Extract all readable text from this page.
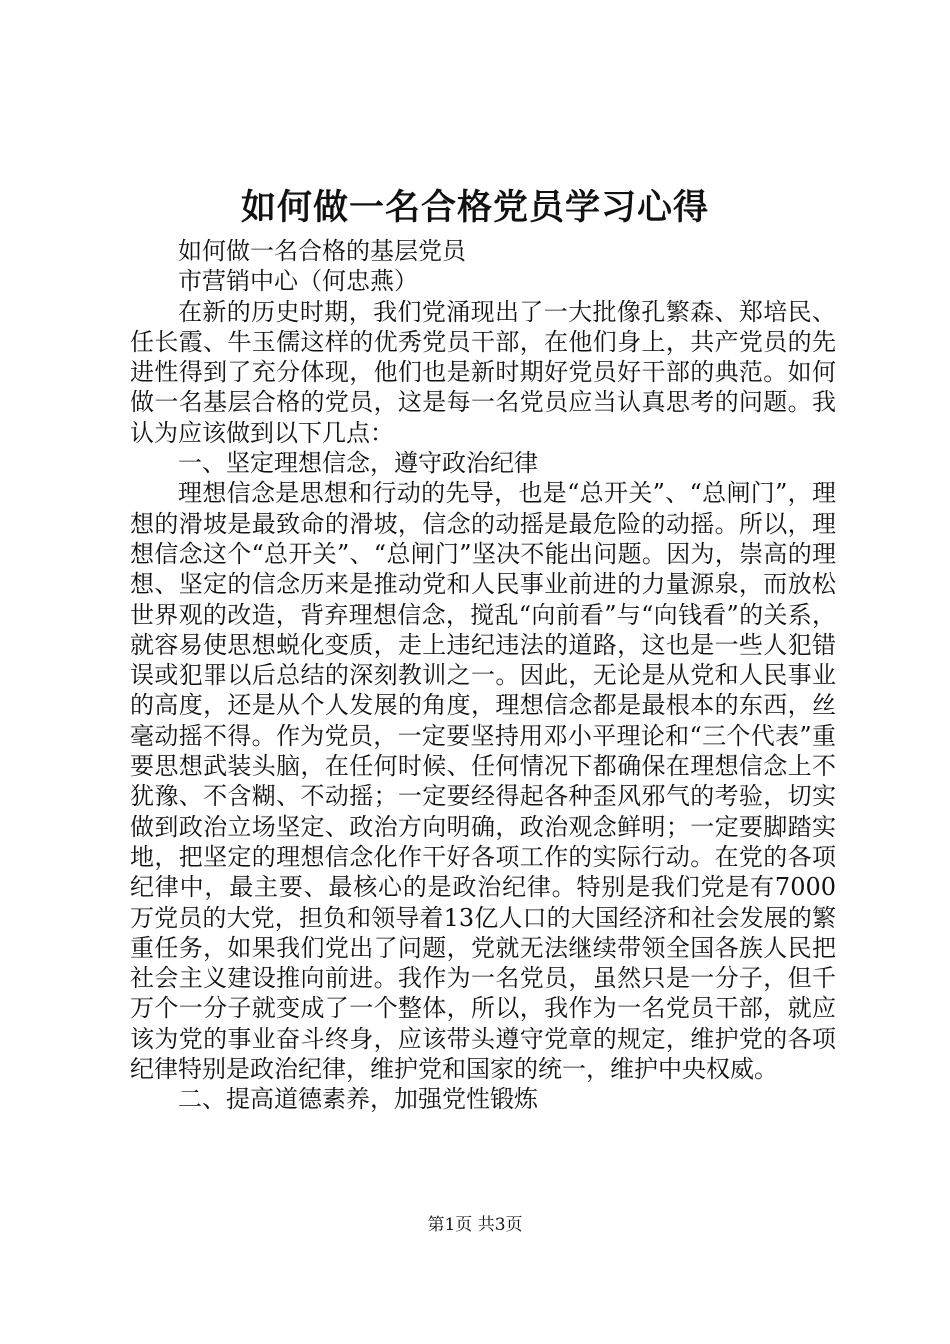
如何做一名合格党员学习心得

如何做一名合格的基层党员

市营销中心（何忠燕）

在新的历史时期，我们党涌现出了一大批像孔繁森、郑培民、任长霞、牛玉儒这样的优秀党员干部，在他们身上，共产党员的先进性得到了充分体现，他们也是新时期好党员好干部的典范。如何做一名基层合格的党员，这是每一名党员应当认真思考的问题。我认为应该做到以下几点：

一、坚定理想信念，遵守政治纪律

理想信念是思想和行动的先导，也是“总开关”、“总闸门”，理想的滑坡是最致命的滑坡，信念的动摇是最危险的动摇。所以，理想信念这个“总开关”、“总闸门”坚决不能出问题。因为，崇高的理想、坚定的信念历来是推动党和人民事业前进的力量源泉，而放松世界观的改造，背弃理想信念，搅乱“向前看”与“向钱看”的关系，就容易使思想蜕化变质，走上违纪违法的道路，这也是一些人犯错误或犯罪以后总结的深刻教训之一。因此，无论是从党和人民事业的高度，还是从个人发展的角度，理想信念都是最根本的东西，丝毫动摇不得。作为党员，一定要坚持用邓小平理论和“三个代表”重要思想武装头脑，在任何时候、任何情况下都确保在理想信念上不犹豫、不含糊、不动摇；一定要经得起各种歪风邪气的考验，切实做到政治立场坚定、政治方向明确，政治观念鲜明；一定要脚踏实地，把坚定的理想信念化作干好各项工作的实际行动。在党的各项纪律中，最主要、最核心的是政治纪律。特别是我们党是有7000万党员的大党，担负和领导着13亿人口的大国经济和社会发展的繁重任务，如果我们党出了问题，党就无法继续带领全国各族人民把社会主义建设推向前进。我作为一名党员，虽然只是一分子，但千万个一分子就变成了一个整体，所以，我作为一名党员干部，就应该为党的事业奋斗终身，应该带头遵守党章的规定，维护党的各项纪律特别是政治纪律，维护党和国家的统一，维护中央权威。

二、提高道德素养，加强党性锻炼

第1页 共3页
